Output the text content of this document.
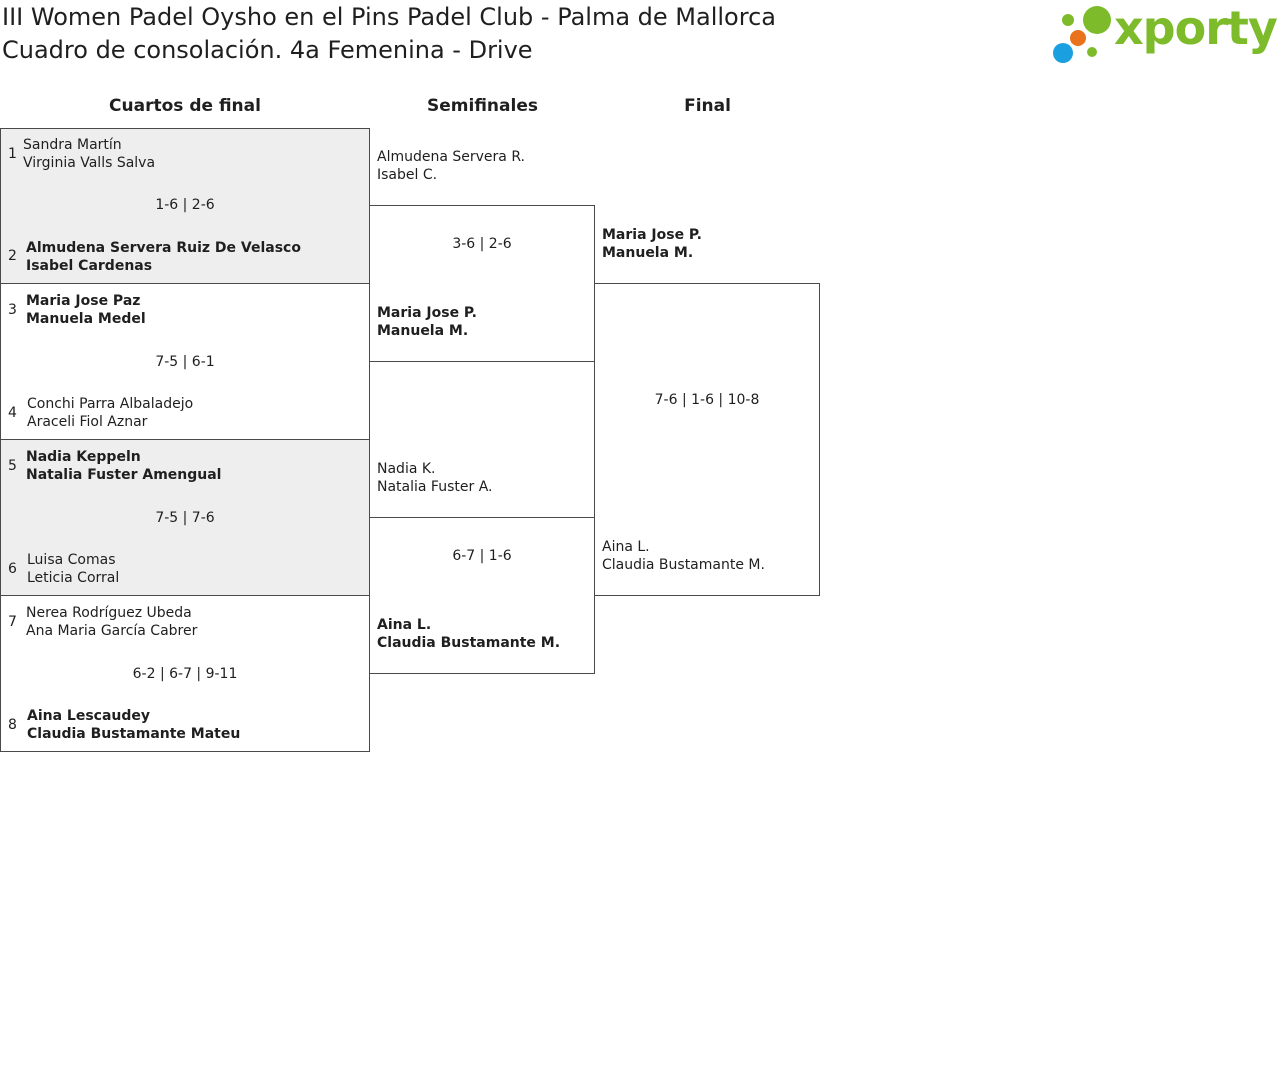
III Women Padel Oysho en el Pins Padel Club - Palma de Mallorca
Cuadro de consolación. 4a Femenina - Drive	xporty
Cuartos de final	Semifinales	Final
1
Sandra Martín
Virginia Valls Salva
1-6 | 2-6
2 Almudena Servera Ruiz De Velasco
Isabel Cardenas
3
Maria Jose Paz
Manuela Medel
7-5 | 6-1
4
Conchi Parra Albaladejo
Araceli Fiol Aznar
5
Nadia Keppeln
Natalia Fuster Amengual
7-5 | 7-6
6
Luisa Comas
Leticia Corral
7
Nerea Rodríguez Ubeda
Ana Maria García Cabrer
6-2 | 6-7 | 9-11
8
Aina Lescaudey
Claudia Bustamante Mateu
Almudena Servera R.
Isabel C.
3-6 | 2-6
Maria Jose P.
Manuela M.
Nadia K.
Natalia Fuster A.
6-7 | 1-6
Aina L.
Claudia Bustamante M.
Maria Jose P.
Manuela M.
7-6 | 1-6 | 10-8
Aina L.
Claudia Bustamante M.
